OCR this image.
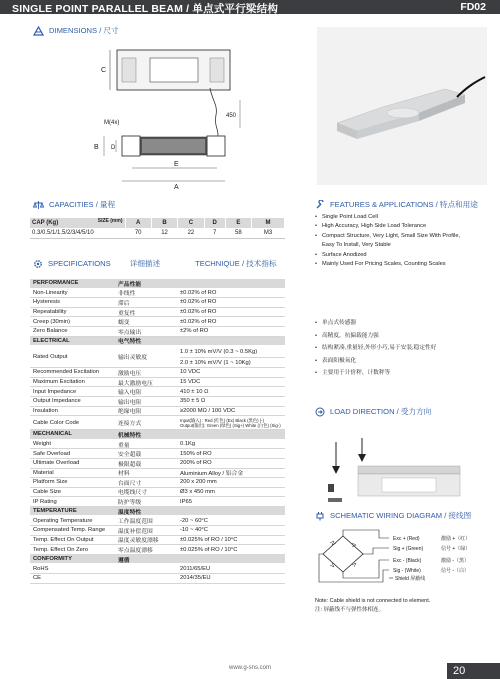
SINGLE POINT PARALLEL BEAM / 单点式平行梁结构	FD02
DIMENSIONS / 尺寸
C
450
M(4x)
B D
E
A
CAPACITIES / 量程
CAP (Kg) SIZE (mm)	A	B	C	D	E	M
0.3/0.5/1/1.5/2/3/4/5/10	70	12	22	7	58	M3
SPECIFICATIONS	详细描述	TECHNIQUE / 技术指标
PERFORMANCE	产品性能
Non-Linearity	非线性	±0.02% of RO
Hysteresis	滞后	±0.02% of RO
Repeatability	重复性	±0.02% of RO
Creep (30min)	蠕变	±0.02% of RO
Zero Balance	零点输出	±2% of RO
ELECTRICAL	电气特性
Rated Output	输出灵敏度
1.0 ± 10% mV/V (0.3 ~ 0.5Kg)
2.0 ± 10% mV/V (1 ~ 10Kg)
Recommended Excitation	激励电压	10 VDC
Maximum Excitation	最大激励电压	15 VDC
Input Impedance	输入电阻	410 ± 10 Ω
Output Impedance	输出电阻	350 ± 5 Ω
Insulation	绝缘电阻	≥2000 MΩ / 100 VDC
Cable Color Code	连接方式
Input(输入) : Red (红色) (Ex) Black (黑色) (-)
Output(输出): Green (绿色) (Sig+) White (白色) (Sig-)
MECHANICAL	机械特性
Weight	重量	0.1Kg
Safe Overload	安全超载	150% of RO
Ultimate Overload	极限超载	200% of RO
Material	材料	Aluminium Alloy / 铝合金
Platform Size	台面尺寸	200 x 200 mm
Cable Size	电缆线尺寸	Ø3 x 450 mm
IP Rating	防护等级	IP65
TEMPERATURE	温度特性
Operating Temperature	工作温度范围	-20 ~ 60°C
Compensated Temp. Range	温度补偿范围	-10 ~ 40°C
Temp. Effect On Output	温度灵敏度漂移	±0.025% of RO / 10°C
Temp. Effect On Zero	零点温度漂移	±0.025% of RO / 10°C
CONFORMITY	遵循
RoHS	2011/65/EU
CE	2014/35/EU
FEATURES & APPLICATIONS / 特点和用途
• Single Point Load Cell
• High Accuracy, High Side Load Tolerance
• Compact Structure, Very Light, Small Size With Profile,
Easy To Install, Very Stable
• Surface Anodized
• Mainly Used For Pricing Scales, Counting Scales
• 单点式传感器
• 高精度，抗偏载能力强
• 结构紧凑,重量轻,外形小巧,易于安装,稳定性好
• 表面阳极氧化
• 主要用于计价秤、计数秤等
LOAD DIRECTION / 受力方向
SCHEMATIC WIRING DIAGRAM / 接线图
Exc + (Red)	激励 +（红）
Sig + (Green)	信号 +（绿）
Exc - (Black)	激励 -（黑）
Sig - (White)	信号 -（白）
Shield 屏蔽线
Note: Cable shield is not connected to element.
注: 屏蔽线不与弹性体相连。
www.g-sns.com	20
